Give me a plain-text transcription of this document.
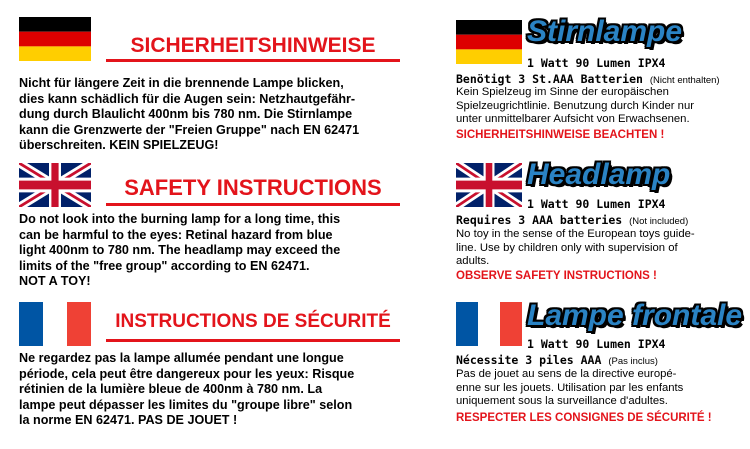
SICHERHEITSHINWEISE
Nicht für längere Zeit in die brennende Lampe blicken,
dies kann schädlich für die Augen sein: Netzhautgefähr-
dung durch Blaulicht 400nm bis 780 nm. Die Stirnlampe
kann die Grenzwerte der "Freien Gruppe" nach EN 62471
überschreiten. KEIN SPIELZEUG!
SAFETY INSTRUCTIONS
Do not look into the burning lamp for a long time, this
can be harmful to the eyes: Retinal hazard from blue
light 400nm to 780 nm. The headlamp may exceed the
limits of the "free group" according to EN 62471.
NOT A TOY!
INSTRUCTIONS DE SÉCURITÉ
Ne regardez pas la lampe allumée pendant une longue
période, cela peut être dangereux pour les yeux: Risque
rétinien de la lumière bleue de 400nm à 780 nm. La
lampe peut dépasser les limites du "groupe libre" selon
la norme EN 62471. PAS DE JOUET !
Stirnlampe
1 Watt 90 Lumen IPX4
Benötigt 3 St.AAA Batterien (Nicht enthalten)
Kein Spielzeug im Sinne der europäischen
Spielzeugrichtlinie. Benutzung durch Kinder nur
unter unmittelbarer Aufsicht von Erwachsenen.
SICHERHEITSHINWEISE BEACHTEN !
Headlamp
1 Watt 90 Lumen IPX4
Requires 3 AAA batteries (Not included)
No toy in the sense of the European toys guide-
line. Use by children only with supervision of
adults.
OBSERVE SAFETY INSTRUCTIONS !
Lampe frontale
1 Watt 90 Lumen IPX4
Nécessite 3 piles AAA (Pas inclus)
Pas de jouet au sens de la directive europé-
enne sur les jouets. Utilisation par les enfants
uniquement sous la surveillance d'adultes.
RESPECTER LES CONSIGNES DE SÉCURITÉ !
